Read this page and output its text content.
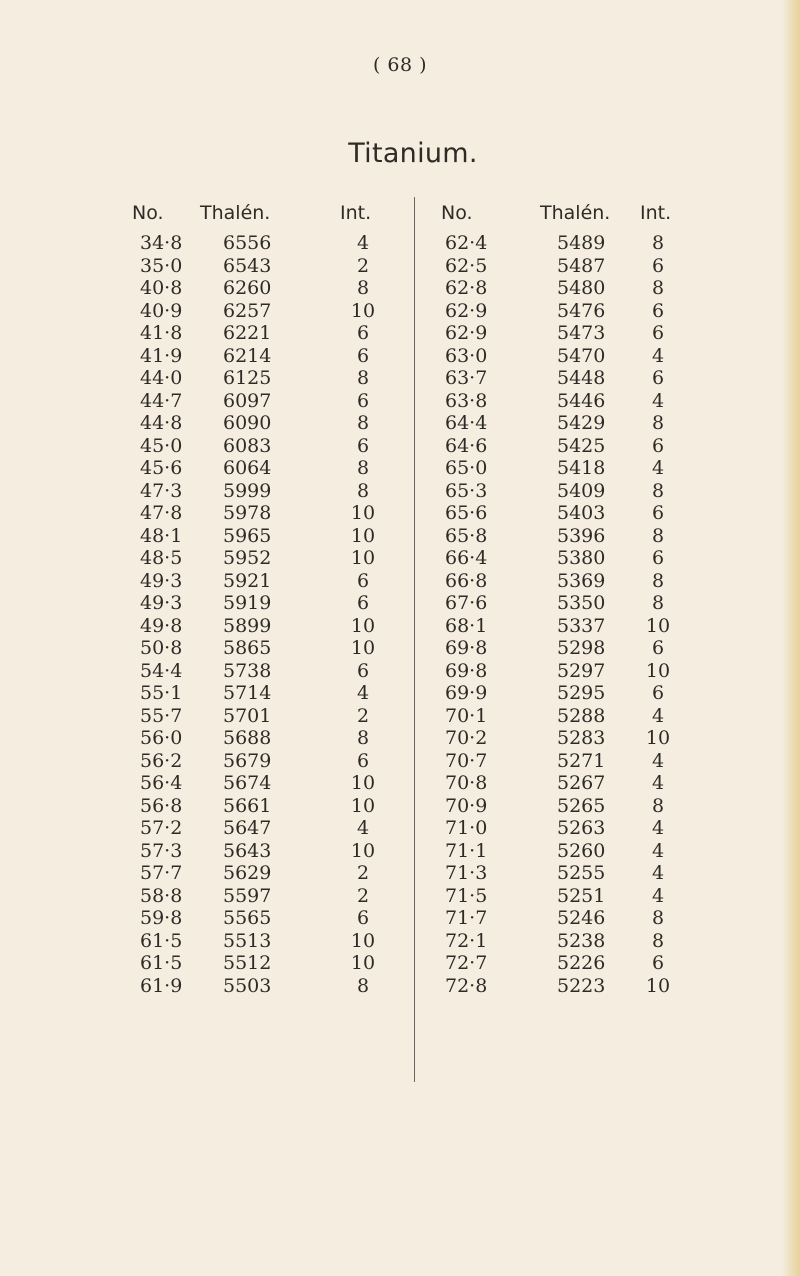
( 68 )
Titanium.
No. Thalén.	Int.
34·8 6556	4
35·0 6543	2
40·8 6260	8
40·9 6257	10
41·8 6221	6
41·9 6214	6
44·0 6125	8
44·7 6097	6
44·8 6090	8
45·0 6083	6
45·6 6064	8
47·3 5999	8
47·8 5978	10
48·1 5965	10
48·5 5952	10
49·3 5921	6
49·3 5919	6
49·8 5899	10
50·8 5865	10
54·4 5738	6
55·1 5714	4
55·7 5701	2
56·0 5688	8
56·2 5679	6
56·4 5674	10
56·8 5661	10
57·2 5647	4
57·3 5643	10
57·7 5629	2
58·8 5597	2
59·8 5565	6
61·5 5513	10
61·5 5512	10
61·9 5503	8
No.	Thalén. Int.
62·4	5489	8
62·5	5487	6
62·8	5480	8
62·9	5476	6
62·9	5473	6
63·0	5470	4
63·7	5448	6
63·8	5446	4
64·4	5429	8
64·6	5425	6
65·0	5418	4
65·3	5409	8
65·6	5403	6
65·8	5396	8
66·4	5380	6
66·8	5369	8
67·6	5350	8
68·1	5337 10
69·8	5298	6
69·8	5297 10
69·9	5295	6
70·1	5288	4
70·2	5283 10
70·7	5271	4
70·8	5267	4
70·9	5265	8
71·0	5263	4
71·1	5260	4
71·3	5255	4
71·5	5251	4
71·7	5246	8
72·1	5238	8
72·7	5226	6
72·8	5223 10
